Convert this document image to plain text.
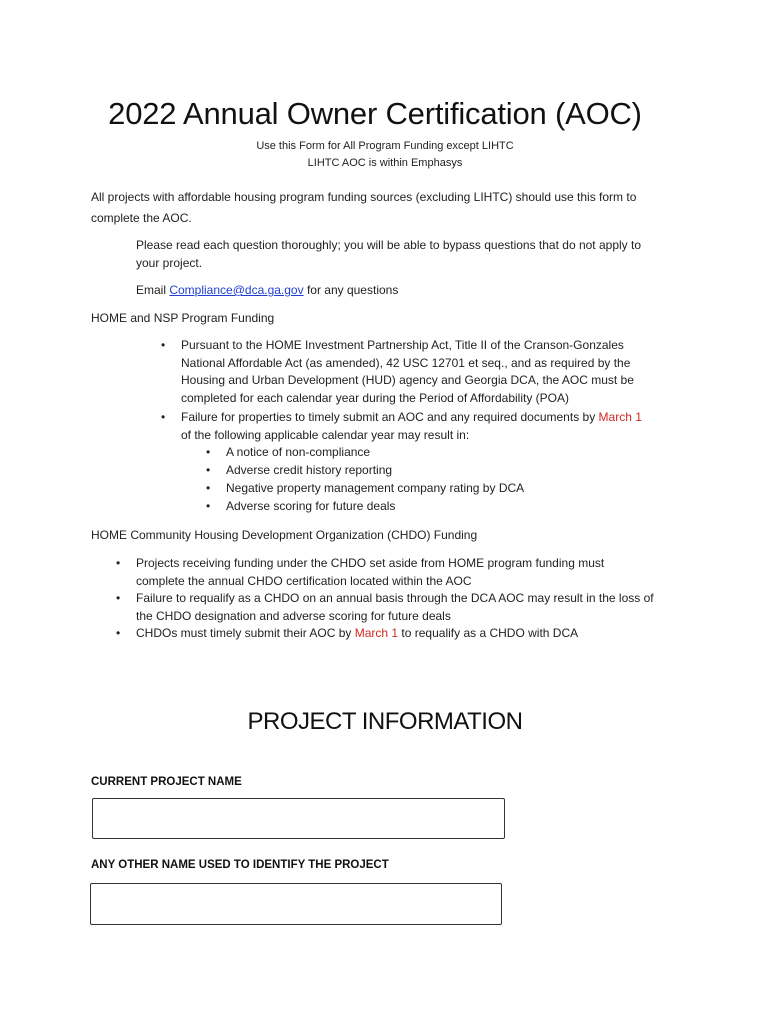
2022 Annual Owner Certification (AOC)
Use this Form for All Program Funding except LIHTC
LIHTC AOC is within Emphasys
All projects with affordable housing program funding sources (excluding LIHTC) should use this form to
complete the AOC.
Please read each question thoroughly; you will be able to bypass questions that do not apply to
your project.
Email Compliance@dca.ga.gov for any questions
HOME and NSP Program Funding
• Pursuant to the HOME Investment Partnership Act, Title II of the Cranson-Gonzales
National Affordable Act (as amended), 42 USC 12701 et seq., and as required by the
Housing and Urban Development (HUD) agency and Georgia DCA, the AOC must be
completed for each calendar year during the Period of Affordability (POA)
• Failure for properties to timely submit an AOC and any required documents by March 1
of the following applicable calendar year may result in:
• A notice of non-compliance
• Adverse credit history reporting
• Negative property management company rating by DCA
• Adverse scoring for future deals
HOME Community Housing Development Organization (CHDO) Funding
• Projects receiving funding under the CHDO set aside from HOME program funding must
complete the annual CHDO certification located within the AOC
• Failure to requalify as a CHDO on an annual basis through the DCA AOC may result in the loss of
the CHDO designation and adverse scoring for future deals
• CHDOs must timely submit their AOC by March 1 to requalify as a CHDO with DCA
PROJECT INFORMATION
CURRENT PROJECT NAME
ANY OTHER NAME USED TO IDENTIFY THE PROJECT
